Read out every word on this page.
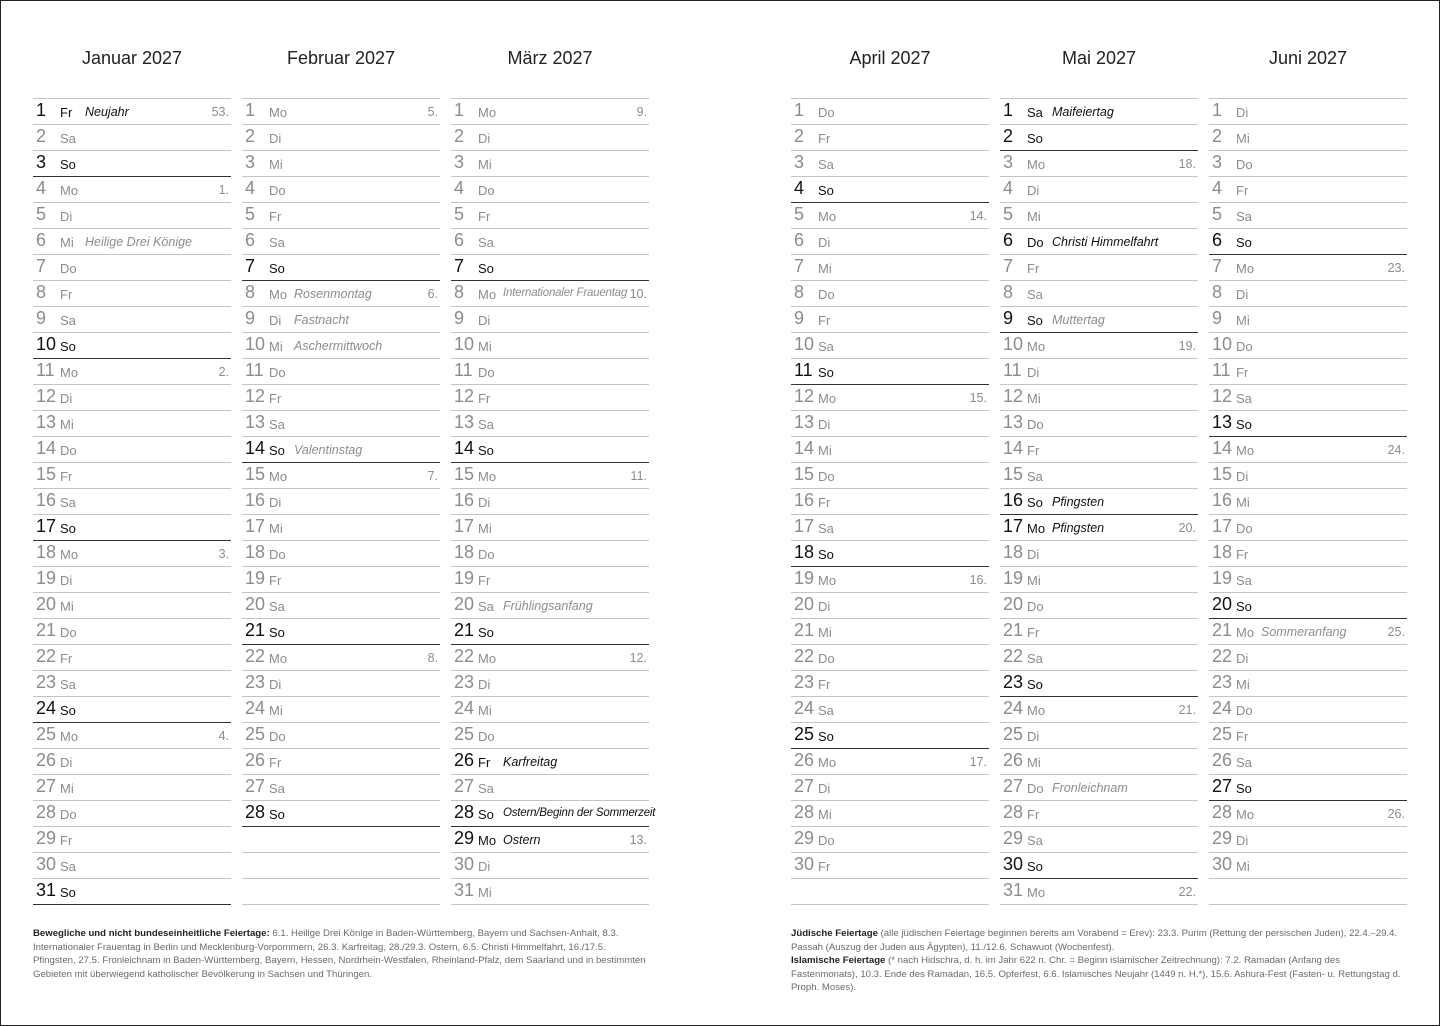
Januar 2027
1 Fr Neujahr	53.
2 Sa
3 So
4 Mo	1.
5 Di
6 Mi Heilige Drei Könige
7 Do
8 Fr
9 Sa
10 So
11 Mo	2.
12 Di
13 Mi
14 Do
15 Fr
16 Sa
17 So
18 Mo	3.
19 Di
20 Mi
21 Do
22 Fr
23 Sa
24 So
25 Mo	4.
26 Di
27 Mi
28 Do
29 Fr
30 Sa
31 So
Februar 2027
1 Mo	5.
2 Di
3 Mi
4 Do
5 Fr
6 Sa
7 So
8 Mo Rosenmontag	6.
9 Di Fastnacht
10 Mi Aschermittwoch
11 Do
12 Fr
13 Sa
14 So Valentinstag
15 Mo	7.
16 Di
17 Mi
18 Do
19 Fr
20 Sa
21 So
22 Mo	8.
23 Di
24 Mi
25 Do
26 Fr
27 Sa
28 So
März 2027
1 Mo	9.
2 Di
3 Mi
4 Do
5 Fr
6 Sa
7 So
8 Mo Internationaler Frauentag 10.
9 Di
10 Mi
11 Do
12 Fr
13 Sa
14 So
15 Mo	11.
16 Di
17 Mi
18 Do
19 Fr
20 Sa Frühlingsanfang
21 So
22 Mo	12.
23 Di
24 Mi
25 Do
26 Fr Karfreitag
27 Sa
28 So Ostern/Beginn der Sommerzeit
29 Mo Ostern	13.
30 Di
31 Mi
April 2027
1 Do
2 Fr
3 Sa
4 So
5 Mo	14.
6 Di
7 Mi
8 Do
9 Fr
10 Sa
11 So
12 Mo	15.
13 Di
14 Mi
15 Do
16 Fr
17 Sa
18 So
19 Mo	16.
20 Di
21 Mi
22 Do
23 Fr
24 Sa
25 So
26 Mo	17.
27 Di
28 Mi
29 Do
30 Fr
Mai 2027
1 Sa Maifeiertag
2 So
3 Mo	18.
4 Di
5 Mi
6 Do Christi Himmelfahrt
7 Fr
8 Sa
9 So Muttertag
10 Mo	19.
11 Di
12 Mi
13 Do
14 Fr
15 Sa
16 So Pfingsten
17 Mo Pfingsten	20.
18 Di
19 Mi
20 Do
21 Fr
22 Sa
23 So
24 Mo	21.
25 Di
26 Mi
27 Do Fronleichnam
28 Fr
29 Sa
30 So
31 Mo	22.
Juni 2027
1 Di
2 Mi
3 Do
4 Fr
5 Sa
6 So
7 Mo	23.
8 Di
9 Mi
10 Do
11 Fr
12 Sa
13 So
14 Mo	24.
15 Di
16 Mi
17 Do
18 Fr
19 Sa
20 So
21 Mo Sommeranfang	25.
22 Di
23 Mi
24 Do
25 Fr
26 Sa
27 So
28 Mo	26.
29 Di
30 Mi
Bewegliche und nicht bundeseinheitliche Feiertage: 6.1. Heilige Drei Könige in Baden-Württemberg, Bayern und Sachsen-Anhalt, 8.3. Internationaler Frauentag in Berlin und Mecklenburg-Vorpommern, 26.3. Karfreitag, 28./29.3. Ostern, 6.5. Christi Himmelfahrt, 16./17.5. Pfingsten, 27.5. Fronleichnam in Baden-Württemberg, Bayern, Hessen, Nordrhein-Westfalen, Rheinland-Pfalz, dem Saarland und in bestimmten Gebieten mit überwiegend katholischer Bevölkerung in Sachsen und Thüringen.
Jüdische Feiertage (alle jüdischen Feiertage beginnen bereits am Vorabend = Erev): 23.3. Purim (Rettung der persischen Juden), 22.4.–29.4. Passah (Auszug der Juden aus Ägypten), 11./12.6. Schawuot (Wochenfest).
Islamische Feiertage (* nach Hidschra, d. h. im Jahr 622 n. Chr. = Beginn islamischer Zeitrechnung): 7.2. Ramadan (Anfang des Fastenmonats), 10.3. Ende des Ramadan, 16.5. Opferfest, 6.6. Islamisches Neujahr (1449 n. H.*), 15.6. Ashura-Fest (Fasten- u. Rettungstag d. Proph. Moses).
